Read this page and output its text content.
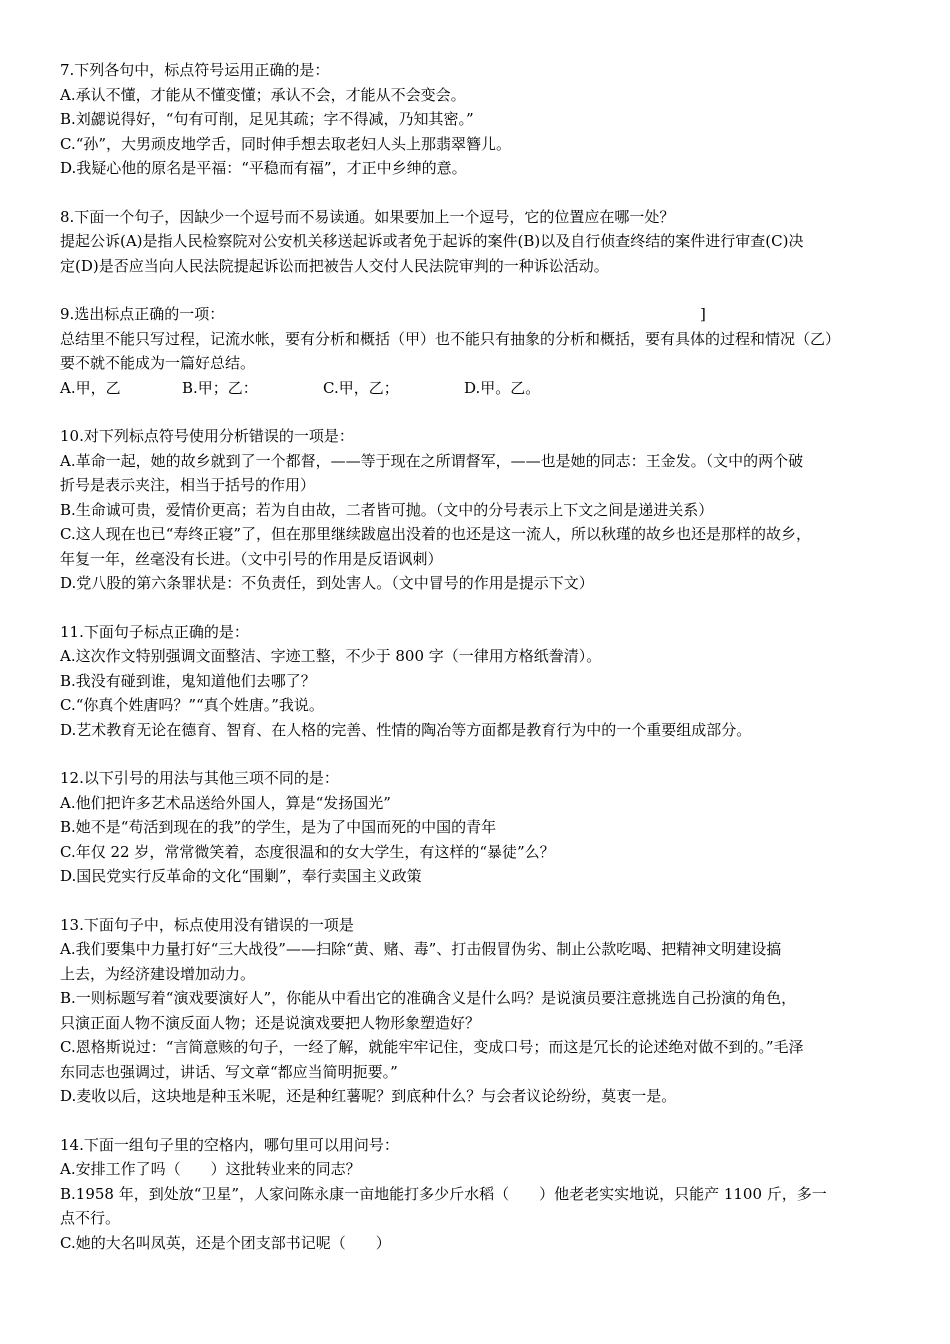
7.下列各句中，标点符号运用正确的是：
A.承认不懂，才能从不懂变懂；承认不会，才能从不会变会。
B.刘勰说得好，“句有可削，足见其疏；字不得减，乃知其密。”
C.“孙”，大男顽皮地学舌，同时伸手想去取老妇人头上那翡翠簪儿。
D.我疑心他的原名是平福：“平稳而有福”，才正中乡绅的意。
8.下面一个句子，因缺少一个逗号而不易读通。如果要加上一个逗号，它的位置应在哪一处？
提起公诉(A)是指人民检察院对公安机关移送起诉或者免于起诉的案件(B)以及自行侦查终结的案件进行审查(C)决
定(D)是否应当向人民法院提起诉讼而把被告人交付人民法院审判的一种诉讼活动。
9.选出标点正确的一项：	]
总结里不能只写过程，记流水帐，要有分析和概括（甲）也不能只有抽象的分析和概括，要有具体的过程和情况（乙）
要不就不能成为一篇好总结。
A.甲，乙	B.甲；乙：	C.甲，乙；	D.甲。乙。
10.对下列标点符号使用分析错误的一项是：
A.革命一起，她的故乡就到了一个都督，——等于现在之所谓督军，——也是她的同志：王金发。（文中的两个破
折号是表示夹注，相当于括号的作用）
B.生命诚可贵，爱情价更高；若为自由故，二者皆可抛。（文中的分号表示上下文之间是递进关系）
C.这人现在也已“寿终正寝”了，但在那里继续跋扈出没着的也还是这一流人，所以秋瑾的故乡也还是那样的故乡，
年复一年，丝毫没有长进。（文中引号的作用是反语讽刺）
D.党八股的第六条罪状是：不负责任，到处害人。（文中冒号的作用是提示下文）
11.下面句子标点正确的是：
A.这次作文特别强调文面整洁、字迹工整，不少于 800 字（一律用方格纸誊清）。
B.我没有碰到谁，鬼知道他们去哪了？
C.“你真个姓唐吗？”“真个姓唐。”我说。
D.艺术教育无论在德育、智育、在人格的完善、性情的陶冶等方面都是教育行为中的一个重要组成部分。
12.以下引号的用法与其他三项不同的是：
A.他们把许多艺术品送给外国人，算是“发扬国光”
B.她不是“苟活到现在的我”的学生，是为了中国而死的中国的青年
C.年仅 22 岁，常常微笑着，态度很温和的女大学生，有这样的“暴徒”么？
D.国民党实行反革命的文化“围剿”，奉行卖国主义政策
13.下面句子中，标点使用没有错误的一项是
A.我们要集中力量打好“三大战役”——扫除“黄、赌、毒”、打击假冒伪劣、制止公款吃喝、把精神文明建设搞
上去，为经济建设增加动力。
B.一则标题写着“演戏要演好人”，你能从中看出它的准确含义是什么吗？是说演员要注意挑选自己扮演的角色，
只演正面人物不演反面人物；还是说演戏要把人物形象塑造好？
C.恩格斯说过：“言简意赅的句子，一经了解，就能牢牢记住，变成口号；而这是冗长的论述绝对做不到的。”毛泽
东同志也强调过，讲话、写文章“都应当简明扼要。”
D.麦收以后，这块地是种玉米呢，还是种红薯呢？到底种什么？与会者议论纷纷，莫衷一是。
14.下面一组句子里的空格内，哪句里可以用问号：
A.安排工作了吗（　　）这批转业来的同志？
B.1958 年，到处放“卫星”，人家问陈永康一亩地能打多少斤水稻（　　）他老老实实地说，只能产 1100 斤，多一
点不行。
C.她的大名叫凤英，还是个团支部书记呢（　　）
